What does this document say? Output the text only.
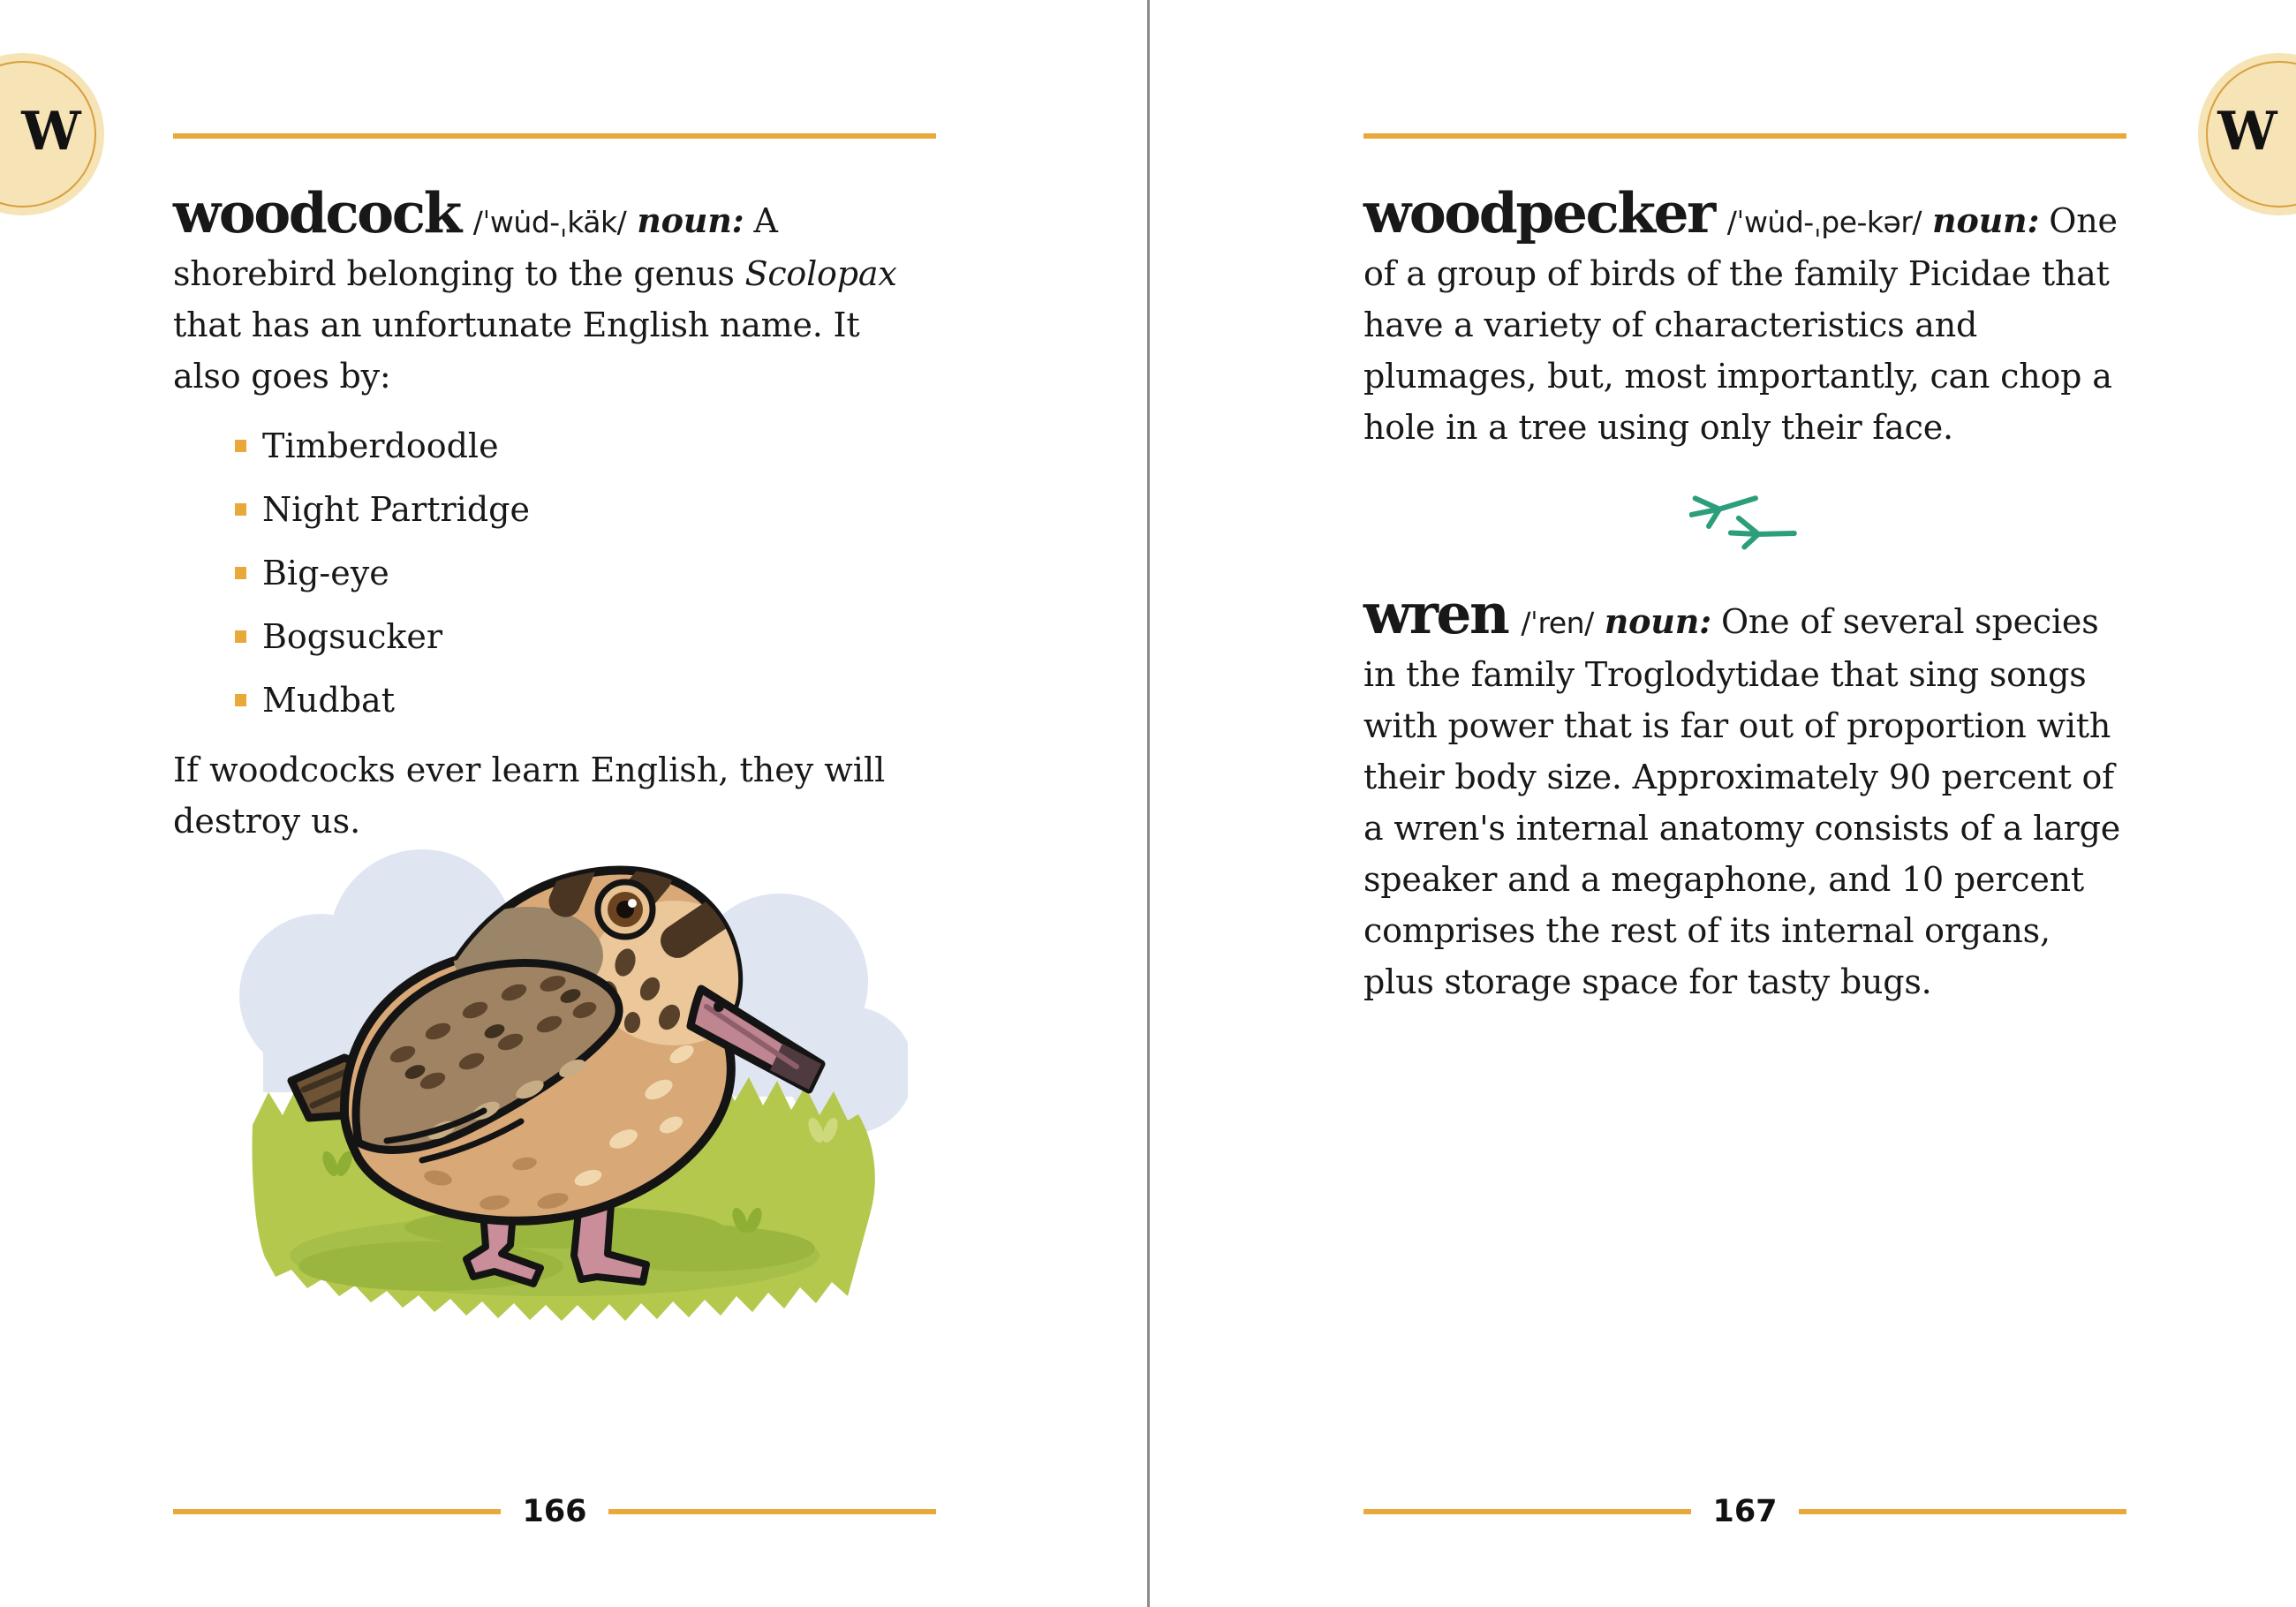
W	W

woodcock /ˈwu̇d-ˌkäk/ noun: A shorebird belonging to the genus Scolopax that has an unfortunate English name. It also goes by:

Timberdoodle
Night Partridge
Big-eye
Bogsucker
Mudbat

If woodcocks ever learn English, they will destroy us.

166

woodpecker /ˈwu̇d-ˌpe-kər/ noun: One of a group of birds of the family Picidae that have a variety of characteristics and plumages, but, most importantly, can chop a hole in a tree using only their face.

wren /ˈren/ noun: One of several species in the family Troglodytidae that sing songs with power that is far out of proportion with their body size. Approximately 90 percent of a wren's internal anatomy consists of a large speaker and a megaphone, and 10 percent comprises the rest of its internal organs, plus storage space for tasty bugs.

167
